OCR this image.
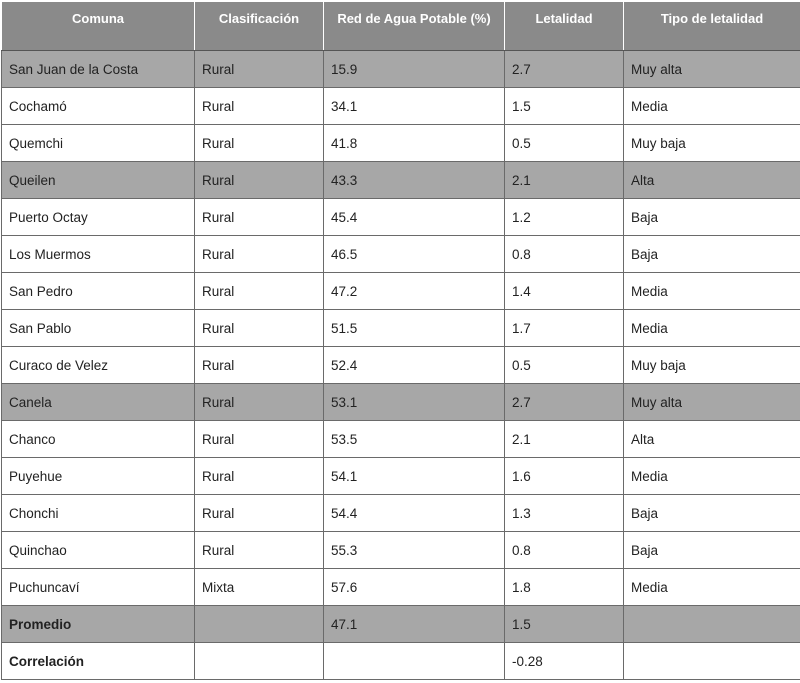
Comuna	Clasificación	Red de Agua Potable (%)	Letalidad	Tipo de letalidad
San Juan de la Costa	Rural	15.9	2.7	Muy alta
Cochamó	Rural	34.1	1.5	Media
Quemchi	Rural	41.8	0.5	Muy baja
Queilen	Rural	43.3	2.1	Alta
Puerto Octay	Rural	45.4	1.2	Baja
Los Muermos	Rural	46.5	0.8	Baja
San Pedro	Rural	47.2	1.4	Media
San Pablo	Rural	51.5	1.7	Media
Curaco de Velez	Rural	52.4	0.5	Muy baja
Canela	Rural	53.1	2.7	Muy alta
Chanco	Rural	53.5	2.1	Alta
Puyehue	Rural	54.1	1.6	Media
Chonchi	Rural	54.4	1.3	Baja
Quinchao	Rural	55.3	0.8	Baja
Puchuncaví	Mixta	57.6	1.8	Media
Promedio		47.1	1.5	
Correlación			-0.28	
